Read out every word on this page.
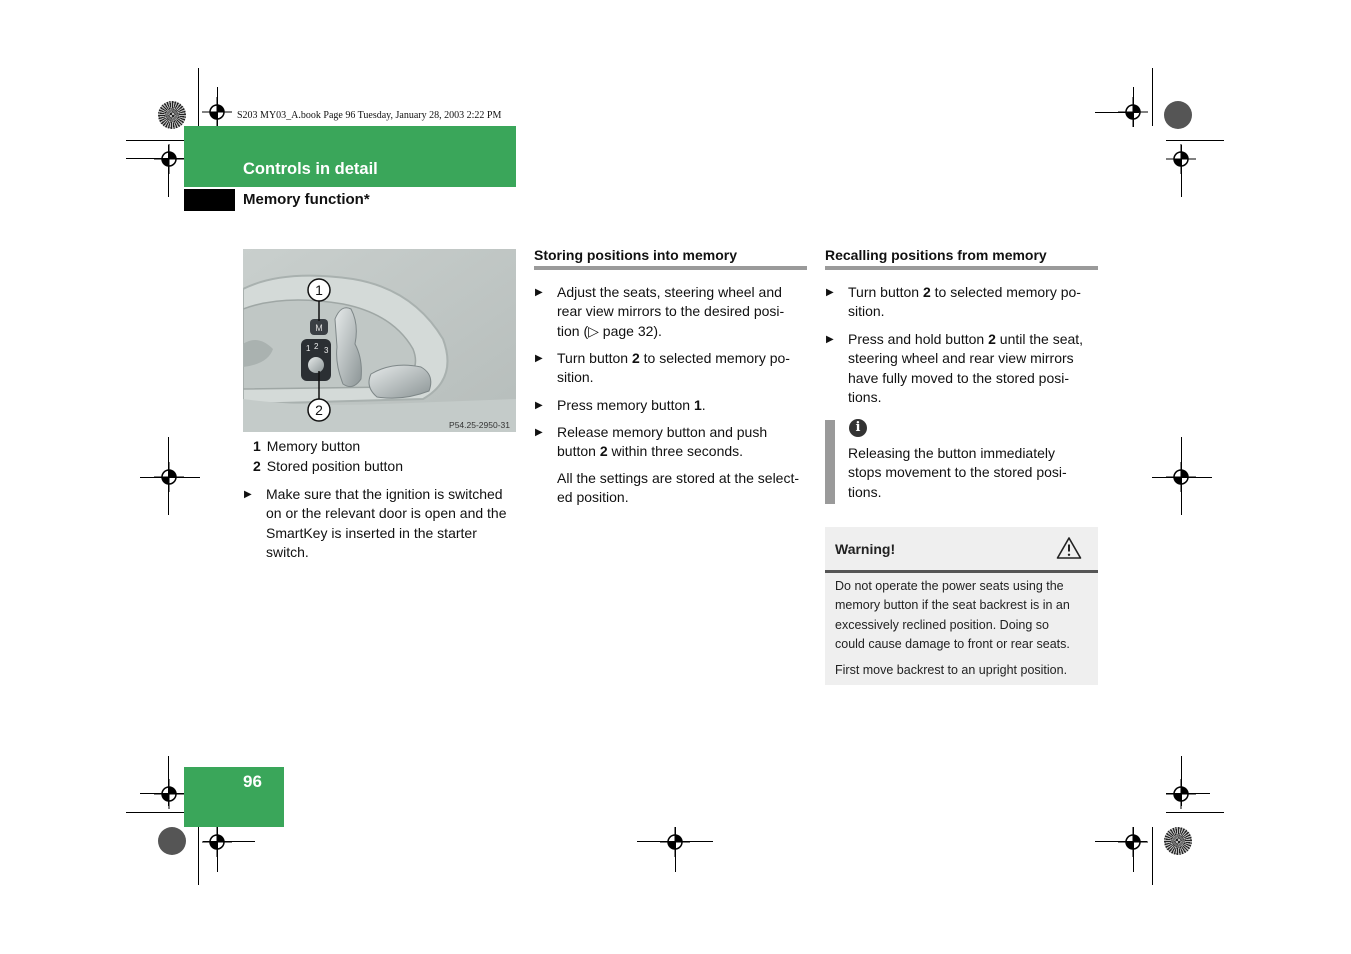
S203 MY03_A.book Page 96 Tuesday, January 28, 2003 2:22 PM
Controls in detail
Memory function*
M
1 2 3
1
2
P54.25-2950-31
1 Memory button
2 Stored position button
▶ Make sure that the ignition is switched
on or the relevant door is open and the
SmartKey is inserted in the starter
switch.
Storing positions into memory
▶ Adjust the seats, steering wheel and
rear view mirrors to the desired posi-
tion (▷ page 32).
▶ Turn button 2 to selected memory po-
sition.
▶ Press memory button 1.
▶ Release memory button and push
button 2 within three seconds.
All the settings are stored at the select-
ed position.
Recalling positions from memory
▶ Turn button 2 to selected memory po-
sition.
▶ Press and hold button 2 until the seat,
steering wheel and rear view mirrors
have fully moved to the stored posi-
tions.
i
Releasing the button immediately
stops movement to the stored posi-
tions.
Warning!
Do not operate the power seats using the
memory button if the seat backrest is in an
excessively reclined position. Doing so
could cause damage to front or rear seats.
First move backrest to an upright position.
96
